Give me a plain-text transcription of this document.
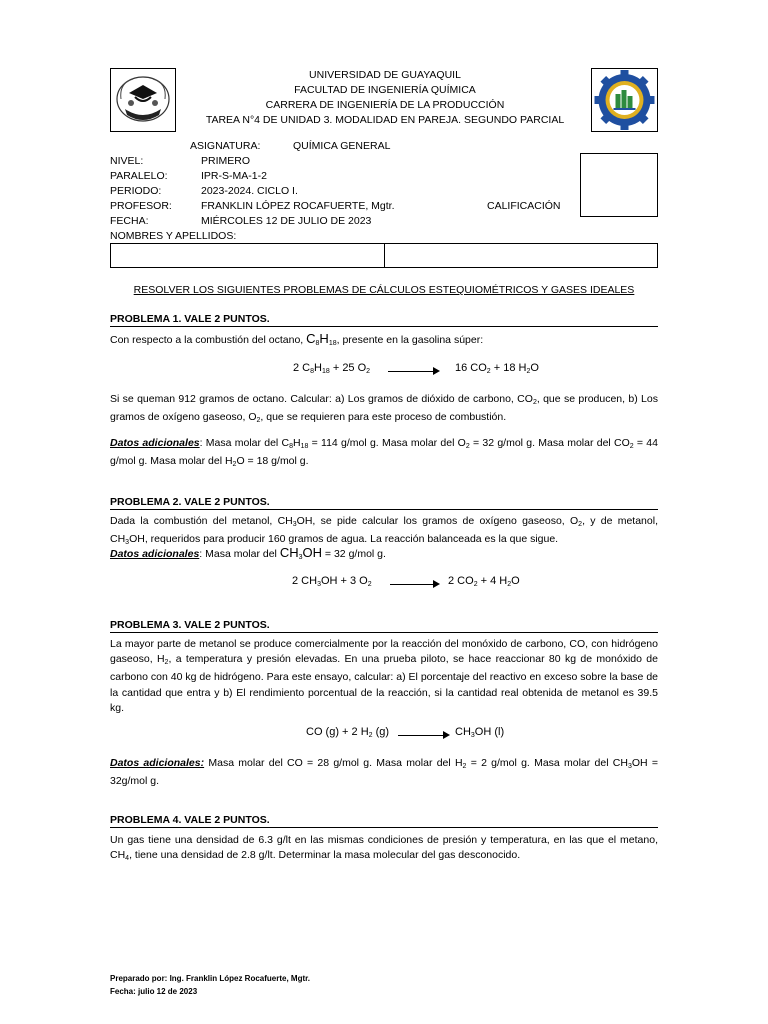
UNIVERSIDAD DE GUAYAQUIL
FACULTAD DE INGENIERÍA QUÍMICA
CARRERA DE INGENIERÍA DE LA PRODUCCIÓN
TAREA N°4 DE UNIDAD 3. MODALIDAD EN PAREJA. SEGUNDO PARCIAL
ASIGNATURA:	QUÍMICA GENERAL
NIVEL:	PRIMERO
PARALELO:	IPR-S-MA-1-2
PERIODO:	2023-2024. CICLO I.
PROFESOR:	FRANKLIN LÓPEZ ROCAFUERTE, Mgtr.	CALIFICACIÓN
FECHA:	MIÉRCOLES 12 DE JULIO DE 2023
NOMBRES Y APELLIDOS:
RESOLVER LOS SIGUIENTES PROBLEMAS DE CÁLCULOS ESTEQUIOMÉTRICOS Y GASES IDEALES
PROBLEMA 1. VALE 2 PUNTOS.
Con respecto a la combustión del octano, $C_8H_{18}$, presente en la gasolina súper:
2 $C_8H_{18} + 25$ $O_2$	16 $CO_2 + 18$ $H_2O$
Si se queman 912 gramos de octano. Calcular: a) Los gramos de dióxido de carbono, $CO_2$, que se producen, b) Los gramos de oxígeno gaseoso, $O_2$, que se requieren para este proceso de combustión.
Datos adicionales: Masa molar del $C_8H_{18} = 114$ g/mol g. Masa molar del $O_2 = 32$ g/mol g. Masa molar del $CO_2 = 44$ g/mol g. Masa molar del $H_2O = 18$ g/mol g.
PROBLEMA 2. VALE 2 PUNTOS.
Dada la combustión del metanol, $CH_3OH$, se pide calcular los gramos de oxígeno gaseoso, $O_2$, y de metanol, $CH_3OH$, requeridos para producir 160 gramos de agua. La reacción balanceada es la que sigue.
Datos adicionales: Masa molar del $CH_3OH = 32$ g/mol g.
2 $CH_3OH + 3$ $O_2$	2 $CO_2 + 4$ $H_2O$
PROBLEMA 3. VALE 2 PUNTOS.
La mayor parte de metanol se produce comercialmente por la reacción del monóxido de carbono, CO, con hidrógeno gaseoso, $H_2$, a temperatura y presión elevadas. En una prueba piloto, se hace reaccionar 80 kg de monóxido de carbono con 40 kg de hidrógeno. Para este ensayo, calcular: a) El porcentaje del reactivo en exceso sobre la base de la cantidad que entra y b) El rendimiento porcentual de la reacción, si la cantidad real obtenida de metanol es 39.5 kg.
CO (g) + 2 $H_2$ (g)	$CH_3OH$ (l)
Datos adicionales: Masa molar del CO = 28 g/mol g. Masa molar del $H_2 = 2$ g/mol g. Masa molar del $CH_3OH = 32g/mol$ g.
PROBLEMA 4. VALE 2 PUNTOS.
Un gas tiene una densidad de 6.3 g/lt en las mismas condiciones de presión y temperatura, en las que el metano, $CH_4$, tiene una densidad de 2.8 g/lt. Determinar la masa molecular del gas desconocido.
Preparado por: Ing. Franklin López Rocafuerte, Mgtr.
Fecha: julio 12 de 2023
